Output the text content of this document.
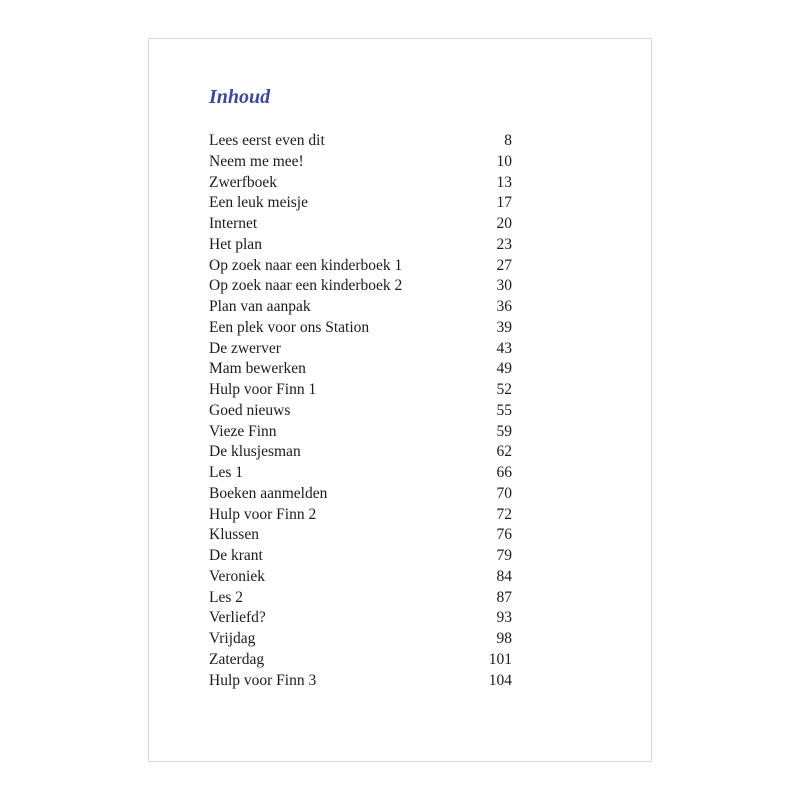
Inhoud
Lees eerst even dit	8
Neem me mee!	10
Zwerfboek	13
Een leuk meisje	17
Internet	20
Het plan	23
Op zoek naar een kinderboek 1	27
Op zoek naar een kinderboek 2	30
Plan van aanpak	36
Een plek voor ons Station	39
De zwerver	43
Mam bewerken	49
Hulp voor Finn 1	52
Goed nieuws	55
Vieze Finn	59
De klusjesman	62
Les 1	66
Boeken aanmelden	70
Hulp voor Finn 2	72
Klussen	76
De krant	79
Veroniek	84
Les 2	87
Verliefd?	93
Vrijdag	98
Zaterdag	101
Hulp voor Finn 3	104
